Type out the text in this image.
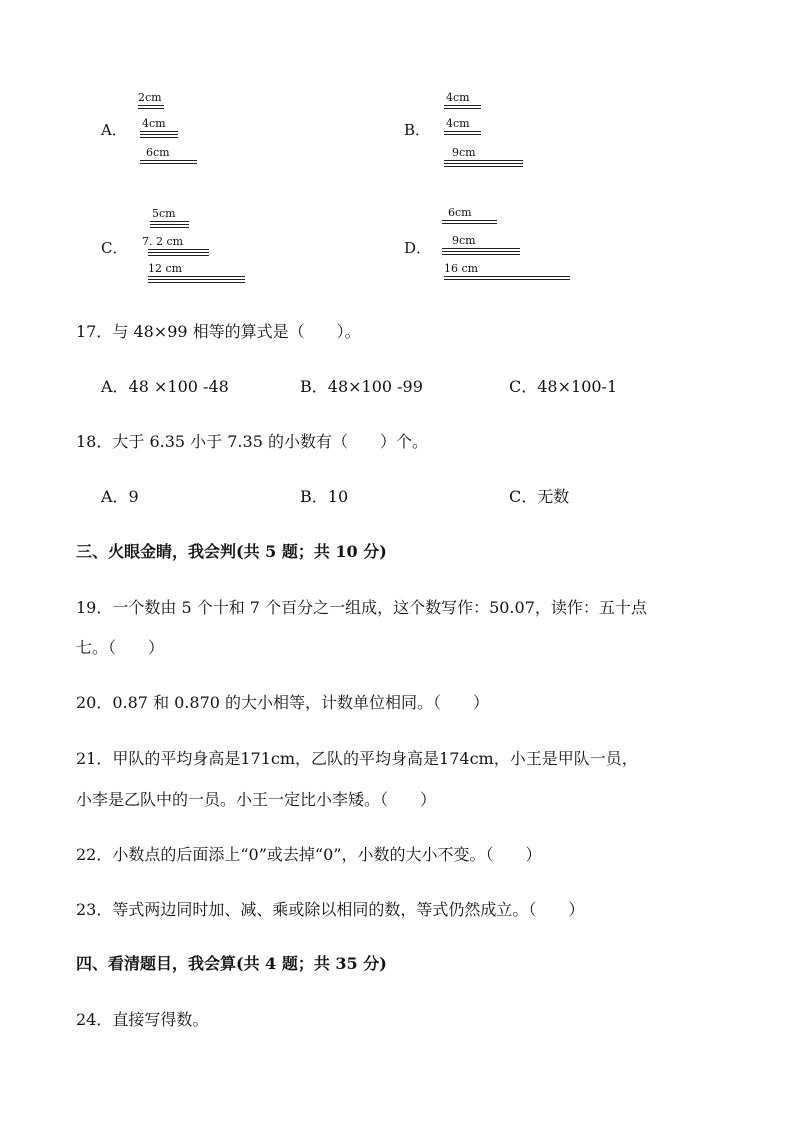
A．
2cm
4cm
6cm
B．
4cm
4cm
9cm
C．
5cm
7. 2 cm
12 cm
D．
6cm
9cm
16 cm
17．与 48×99 相等的算式是（　　）。
A．48 ×100 -48	B．48×100 -99	C．48×100-1
18．大于 6.35 小于 7.35 的小数有（　　）个。
A．9	B．10	C．无数
三、火眼金睛，我会判(共 5 题；共 10 分)
19．一个数由 5 个十和 7 个百分之一组成，这个数写作：50.07，读作：五十点
七。（　　）
20．0.87 和 0.870 的大小相等，计数单位相同。（　　）
21．甲队的平均身高是171cm，乙队的平均身高是174cm，小王是甲队一员，
小李是乙队中的一员。小王一定比小李矮。（　　）
22．小数点的后面添上“0”或去掉“0”，小数的大小不变。（　　）
23．等式两边同时加、减、乘或除以相同的数，等式仍然成立。（　　）
四、看清题目，我会算(共 4 题；共 35 分)
24．直接写得数。
